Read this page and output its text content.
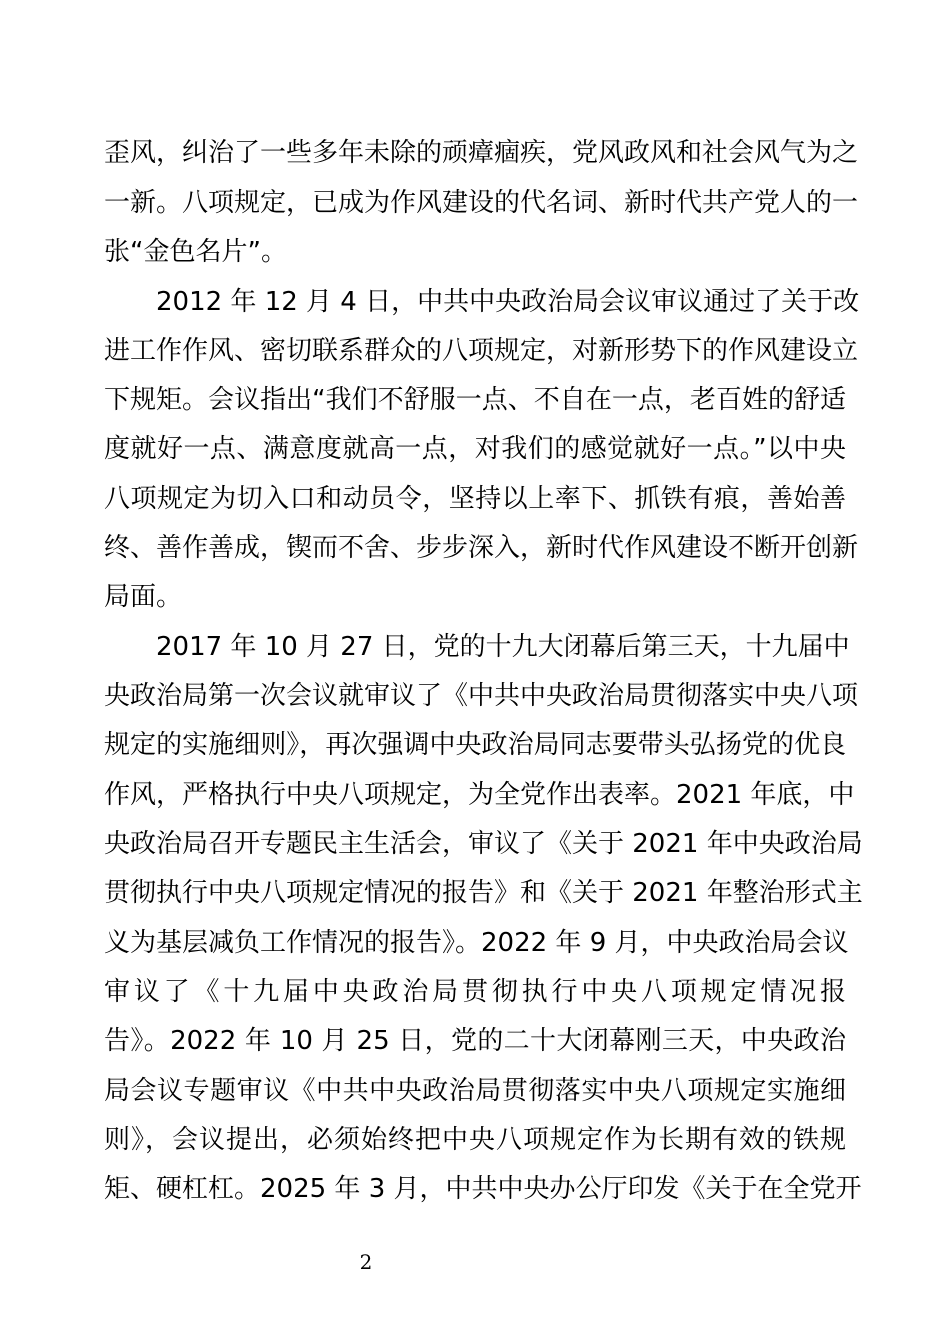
歪风，纠治了一些多年未除的顽瘴痼疾，党风政风和社会风气为之
一新。八项规定，已成为作风建设的代名词、新时代共产党人的一
张“金色名片”。
2012 年 12 月 4 日，中共中央政治局会议审议通过了关于改
进工作作风、密切联系群众的八项规定，对新形势下的作风建设立
下规矩。会议指出“我们不舒服一点、不自在一点，老百姓的舒适
度就好一点、满意度就高一点，对我们的感觉就好一点。”以中央
八项规定为切入口和动员令，坚持以上率下、抓铁有痕，善始善
终、善作善成，锲而不舍、步步深入，新时代作风建设不断开创新
局面。
2017 年 10 月 27 日，党的十九大闭幕后第三天，十九届中
央政治局第一次会议就审议了《中共中央政治局贯彻落实中央八项
规定的实施细则》，再次强调中央政治局同志要带头弘扬党的优良
作风，严格执行中央八项规定，为全党作出表率。2021 年底，中
央政治局召开专题民主生活会，审议了《关于 2021 年中央政治局
贯彻执行中央八项规定情况的报告》和《关于 2021 年整治形式主
义为基层减负工作情况的报告》。2022 年 9 月，中央政治局会议
审议了《十九届中央政治局贯彻执行中央八项规定情况报
告》。2022 年 10 月 25 日，党的二十大闭幕刚三天，中央政治
局会议专题审议《中共中央政治局贯彻落实中央八项规定实施细
则》，会议提出，必须始终把中央八项规定作为长期有效的铁规
矩、硬杠杠。2025 年 3 月，中共中央办公厅印发《关于在全党开
2
